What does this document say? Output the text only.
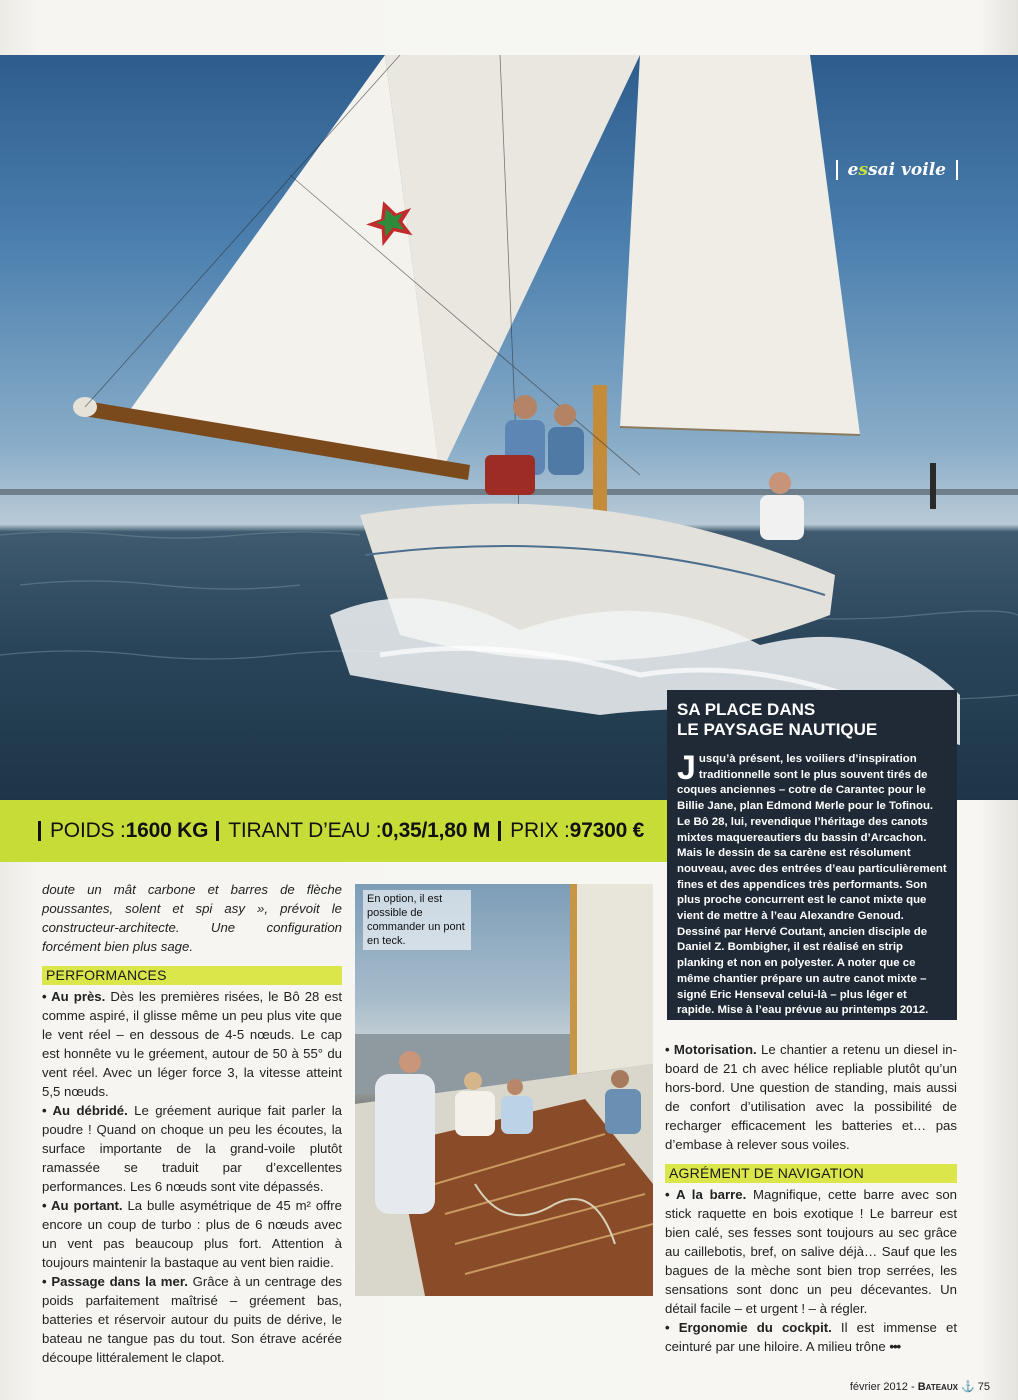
essai voile
SA PLACE DANS
LE PAYSAGE NAUTIQUE

Jusqu’à présent, les voiliers d’inspiration traditionnelle sont le plus souvent tirés de coques anciennes – cotre de Carantec pour le Billie Jane, plan Edmond Merle pour le Tofinou. Le Bô 28, lui, revendique l’héritage des canots mixtes maquereautiers du bassin d’Arcachon. Mais le dessin de sa carène est résolument nouveau, avec des entrées d’eau particulièrement fines et des appendices très performants. Son plus proche concurrent est le canot mixte que vient de mettre à l’eau Alexandre Genoud. Dessiné par Hervé Coutant, ancien disciple de Daniel Z. Bombigher, il est réalisé en strip planking et non en polyester. A noter que ce même chantier prépare un autre canot mixte – signé Eric Henseval celui-là – plus léger et rapide. Mise à l’eau prévue au printemps 2012.

POIDS : 1600 KG TIRANT D’EAU : 0,35/1,80 M PRIX : 97300 €

doute un mât carbone et barres de flèche poussantes, solent et spi asy », prévoit le constructeur-architecte. Une configuration forcément bien plus sage.

PERFORMANCES

• Au près. Dès les premières risées, le Bô 28 est comme aspiré, il glisse même un peu plus vite que le vent réel – en dessous de 4-5 nœuds. Le cap est honnête vu le gréement, autour de 50 à 55° du vent réel. Avec un léger force 3, la vitesse atteint 5,5 nœuds.

• Au débridé. Le gréement aurique fait parler la poudre ! Quand on choque un peu les écoutes, la surface importante de la grand-voile plutôt ramassée se traduit par d’excellentes performances. Les 6 nœuds sont vite dépassés.

• Au portant. La bulle asymétrique de 45 m² offre encore un coup de turbo : plus de 6 nœuds avec un vent pas beaucoup plus fort. Attention à toujours maintenir la bastaque au vent bien raidie.

• Passage dans la mer. Grâce à un centrage des poids parfaitement maîtrisé – gréement bas, batteries et réservoir autour du puits de dérive, le bateau ne tangue pas du tout. Son étrave acérée découpe littéralement le clapot.

En option, il est possible de commander un pont en teck.

• Motorisation. Le chantier a retenu un diesel in-board de 21 ch avec hélice repliable plutôt qu’un hors-bord. Une question de standing, mais aussi de confort d’utilisation avec la possibilité de recharger efficacement les batteries et… pas d’embase à relever sous voiles.

AGRÉMENT DE NAVIGATION

• A la barre. Magnifique, cette barre avec son stick raquette en bois exotique ! Le barreur est bien calé, ses fesses sont toujours au sec grâce au caillebotis, bref, on salive déjà… Sauf que les bagues de la mèche sont bien trop serrées, les sensations sont donc un peu décevantes. Un détail facile – et urgent ! – à régler.

• Ergonomie du cockpit. Il est immense et ceinturé par une hiloire. A milieu trône •••

février 2012 - Bateaux ⚓ 75
